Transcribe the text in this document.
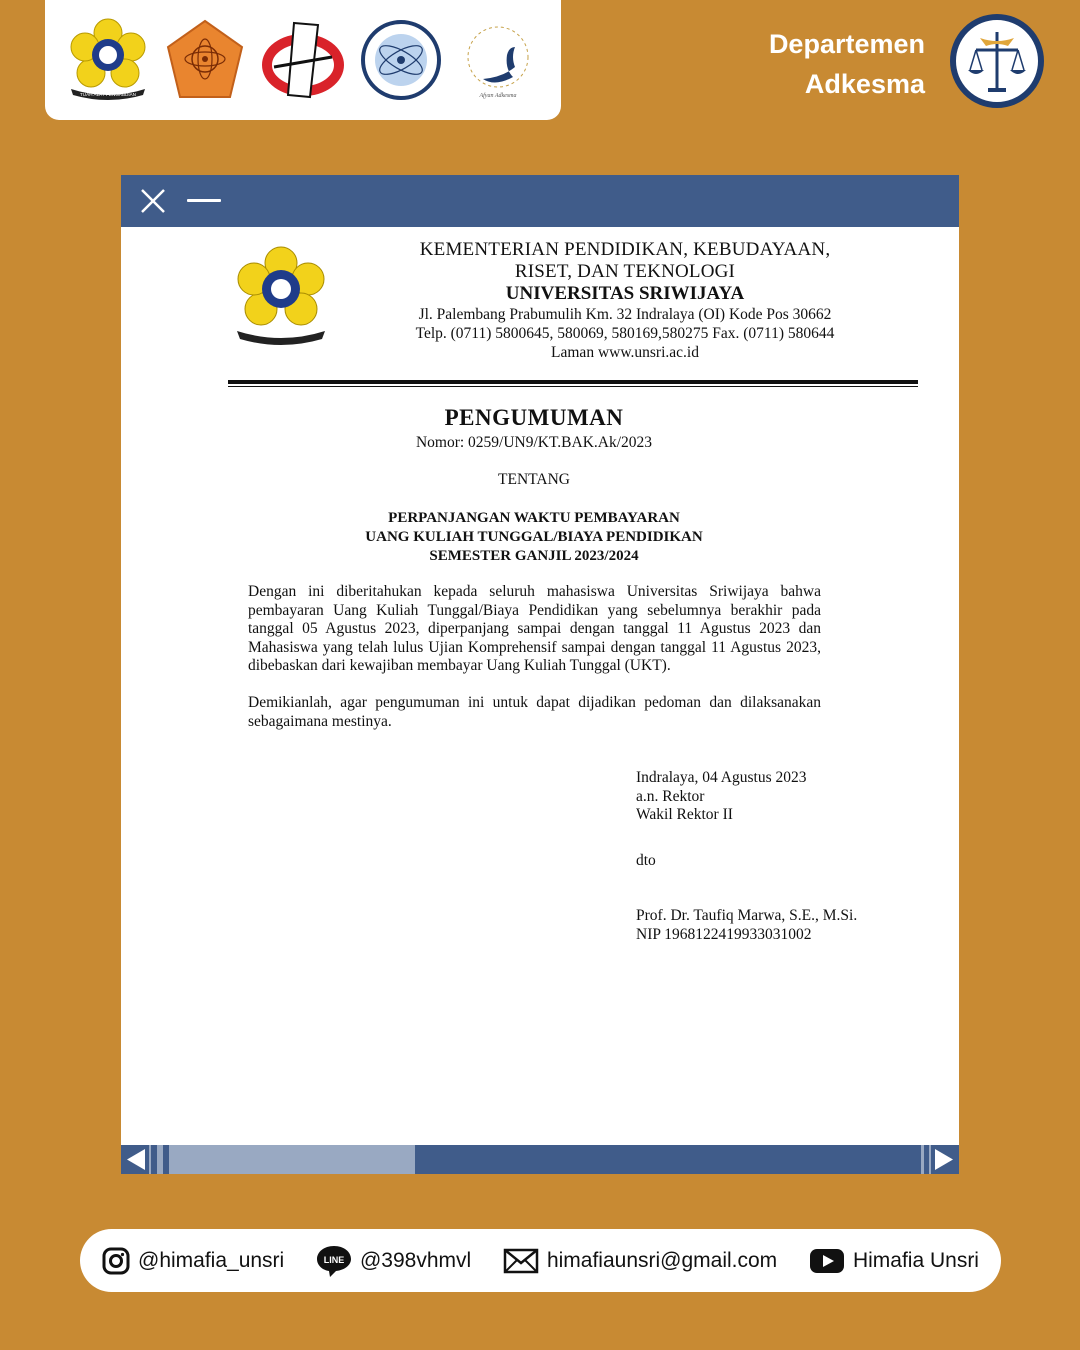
TUAH ALAT PENGABDIAN	Afyan Adkesma
Departemen
Adkesma
KEMENTERIAN PENDIDIKAN, KEBUDAYAAN,
RISET, DAN TEKNOLOGI
UNIVERSITAS SRIWIJAYA
Jl. Palembang Prabumulih Km. 32 Indralaya (OI) Kode Pos 30662
Telp. (0711) 5800645, 580069, 580169,580275 Fax. (0711) 580644
Laman www.unsri.ac.id
PENGUMUMAN
Nomor: 0259/UN9/KT.BAK.Ak/2023
TENTANG
PERPANJANGAN WAKTU PEMBAYARAN
UANG KULIAH TUNGGAL/BIAYA PENDIDIKAN
SEMESTER GANJIL 2023/2024
Dengan ini diberitahukan kepada seluruh mahasiswa Universitas Sriwijaya bahwa pembayaran Uang Kuliah Tunggal/Biaya Pendidikan yang sebelumnya berakhir pada tanggal 05 Agustus 2023, diperpanjang sampai dengan tanggal 11 Agustus 2023 dan Mahasiswa yang telah lulus Ujian Komprehensif sampai dengan tanggal 11 Agustus 2023, dibebaskan dari kewajiban membayar Uang Kuliah Tunggal (UKT).
Demikianlah, agar pengumuman ini untuk dapat dijadikan pedoman dan dilaksanakan sebagaimana mestinya.
Indralaya, 04 Agustus 2023
a.n. Rektor
Wakil Rektor II
dto
Prof. Dr. Taufiq Marwa, S.E., M.Si.
NIP 196812241993303100​2
@himafia_unsri	LINE @398vhmvl	himafiaunsri@gmail.com	Himafia Unsri
